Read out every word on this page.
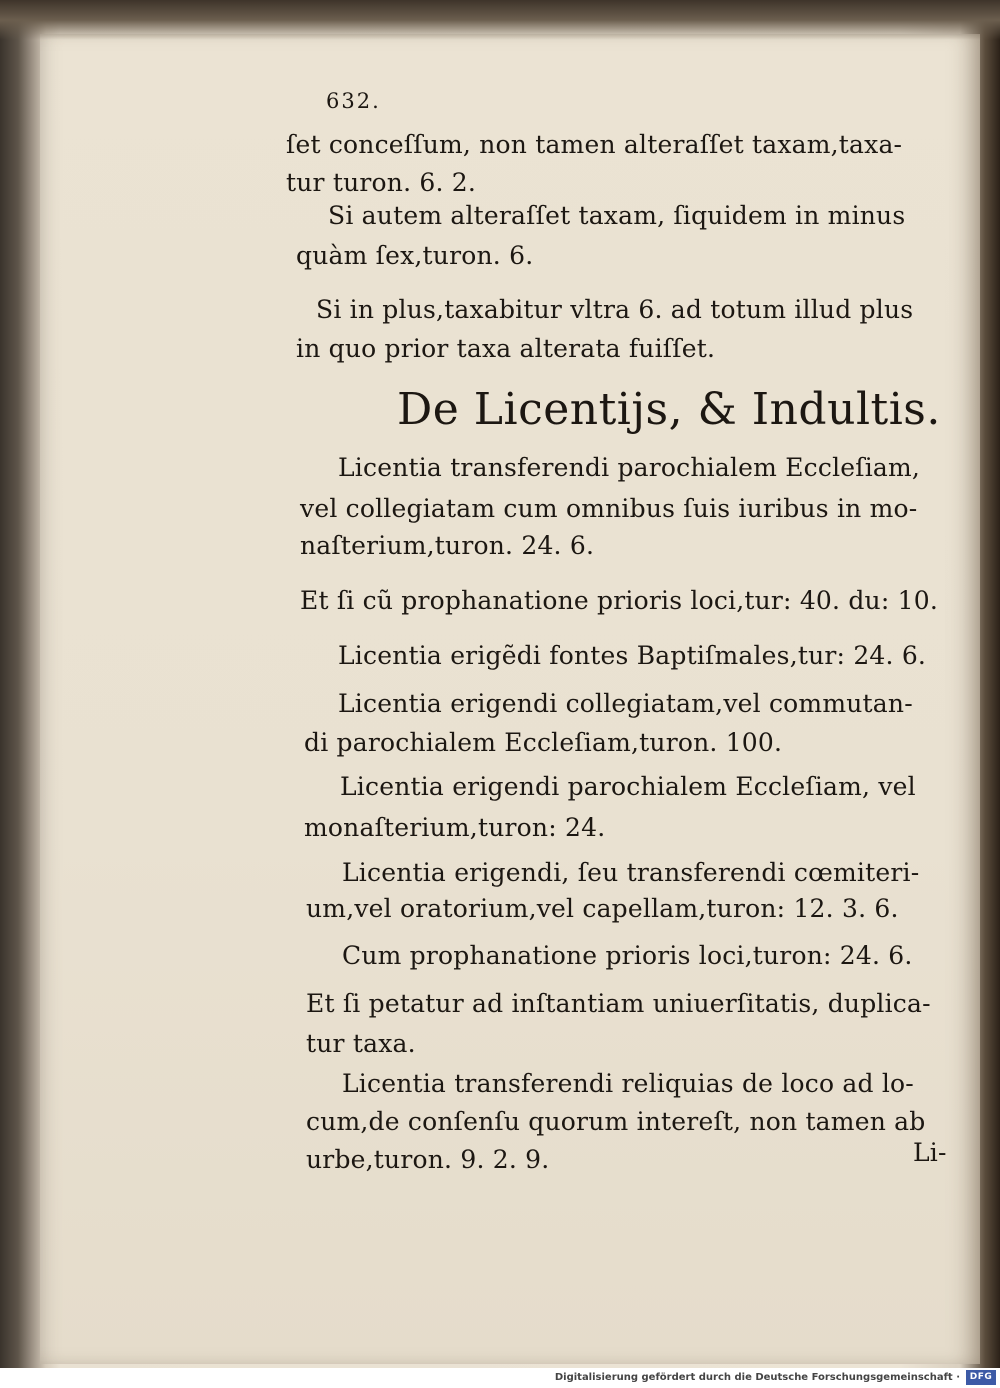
632.
ſet conceſſum, non tamen alteraſſet taxam,taxa-
tur turon. 6. 2.
Si autem alteraſſet taxam, ſiquidem in minus
quàm ſex,turon. 6.
Si in plus,taxabitur vltra 6. ad totum illud plus
in quo prior taxa alterata fuiſſet.
De Licentijs, & Indultis.
Licentia transferendi parochialem Eccleſiam,
vel collegiatam cum omnibus ſuis iuribus in mo-
naſterium,turon. 24. 6.
Et ſi cũ prophanatione prioris loci,tur: 40. du: 10.
Licentia erigẽdi fontes Baptiſmales,tur: 24. 6.
Licentia erigendi collegiatam,vel commutan-
di parochialem Eccleſiam,turon. 100.
Licentia erigendi parochialem Eccleſiam, vel
monaſterium,turon: 24.
Licentia erigendi, ſeu transferendi cœmiteri-
um,vel oratorium,vel capellam,turon: 12. 3. 6.
Cum prophanatione prioris loci,turon: 24. 6.
Et ſi petatur ad inſtantiam uniuerſitatis, duplica-
tur taxa.
Licentia transferendi reliquias de loco ad lo-
cum,de conſenſu quorum intereſt, non tamen ab
urbe,turon. 9. 2. 9.	Li-
Digitalisierung gefördert durch die Deutsche Forschungsgemeinschaft ·	DFG
